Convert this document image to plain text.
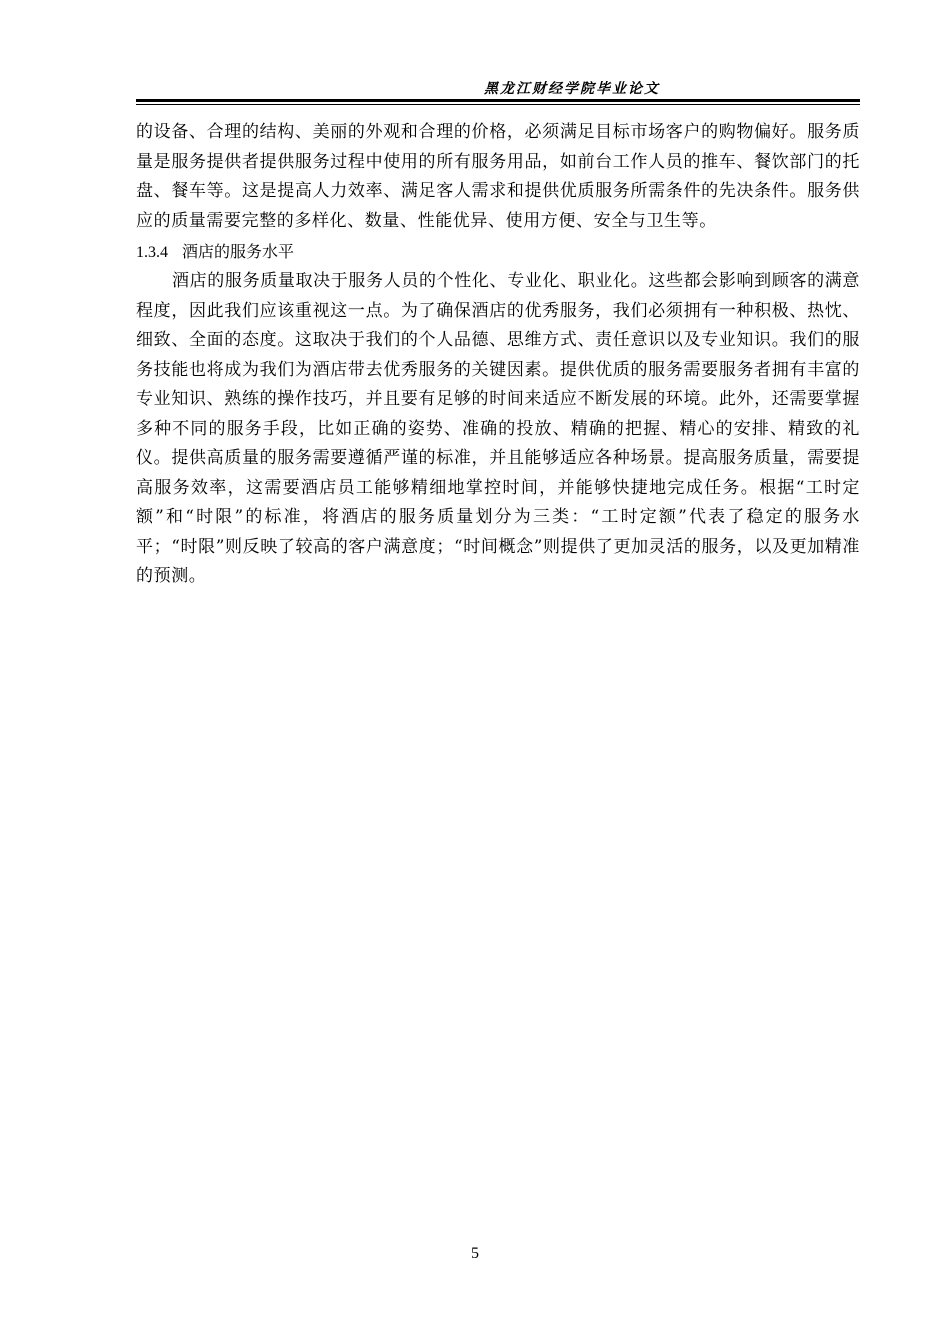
黑龙江财经学院毕业论文

的设备、合理的结构、美丽的外观和合理的价格，必须满足目标市场客户的购物偏好。服务质量是服务提供者提供服务过程中使用的所有服务用品，如前台工作人员的推车、餐饮部门的托盘、餐车等。这是提高人力效率、满足客人需求和提供优质服务所需条件的先决条件。服务供应的质量需要完整的多样化、数量、性能优异、使用方便、安全与卫生等。

1.3.4 酒店的服务水平

酒店的服务质量取决于服务人员的个性化、专业化、职业化。这些都会影响到顾客的满意程度，因此我们应该重视这一点。为了确保酒店的优秀服务，我们必须拥有一种积极、热忱、细致、全面的态度。这取决于我们的个人品德、思维方式、责任意识以及专业知识。我们的服务技能也将成为我们为酒店带去优秀服务的关键因素。提供优质的服务需要服务者拥有丰富的专业知识、熟练的操作技巧，并且要有足够的时间来适应不断发展的环境。此外，还需要掌握多种不同的服务手段，比如正确的姿势、准确的投放、精确的把握、精心的安排、精致的礼仪。提供高质量的服务需要遵循严谨的标准，并且能够适应各种场景。提高服务质量，需要提高服务效率，这需要酒店员工能够精细地掌控时间，并能够快捷地完成任务。根据“工时定额”和“时限”的标准，将酒店的服务质量划分为三类：“工时定额”代表了稳定的服务水平；“时限”则反映了较高的客户满意度；“时间概念”则提供了更加灵活的服务，以及更加精准的预测。

5
